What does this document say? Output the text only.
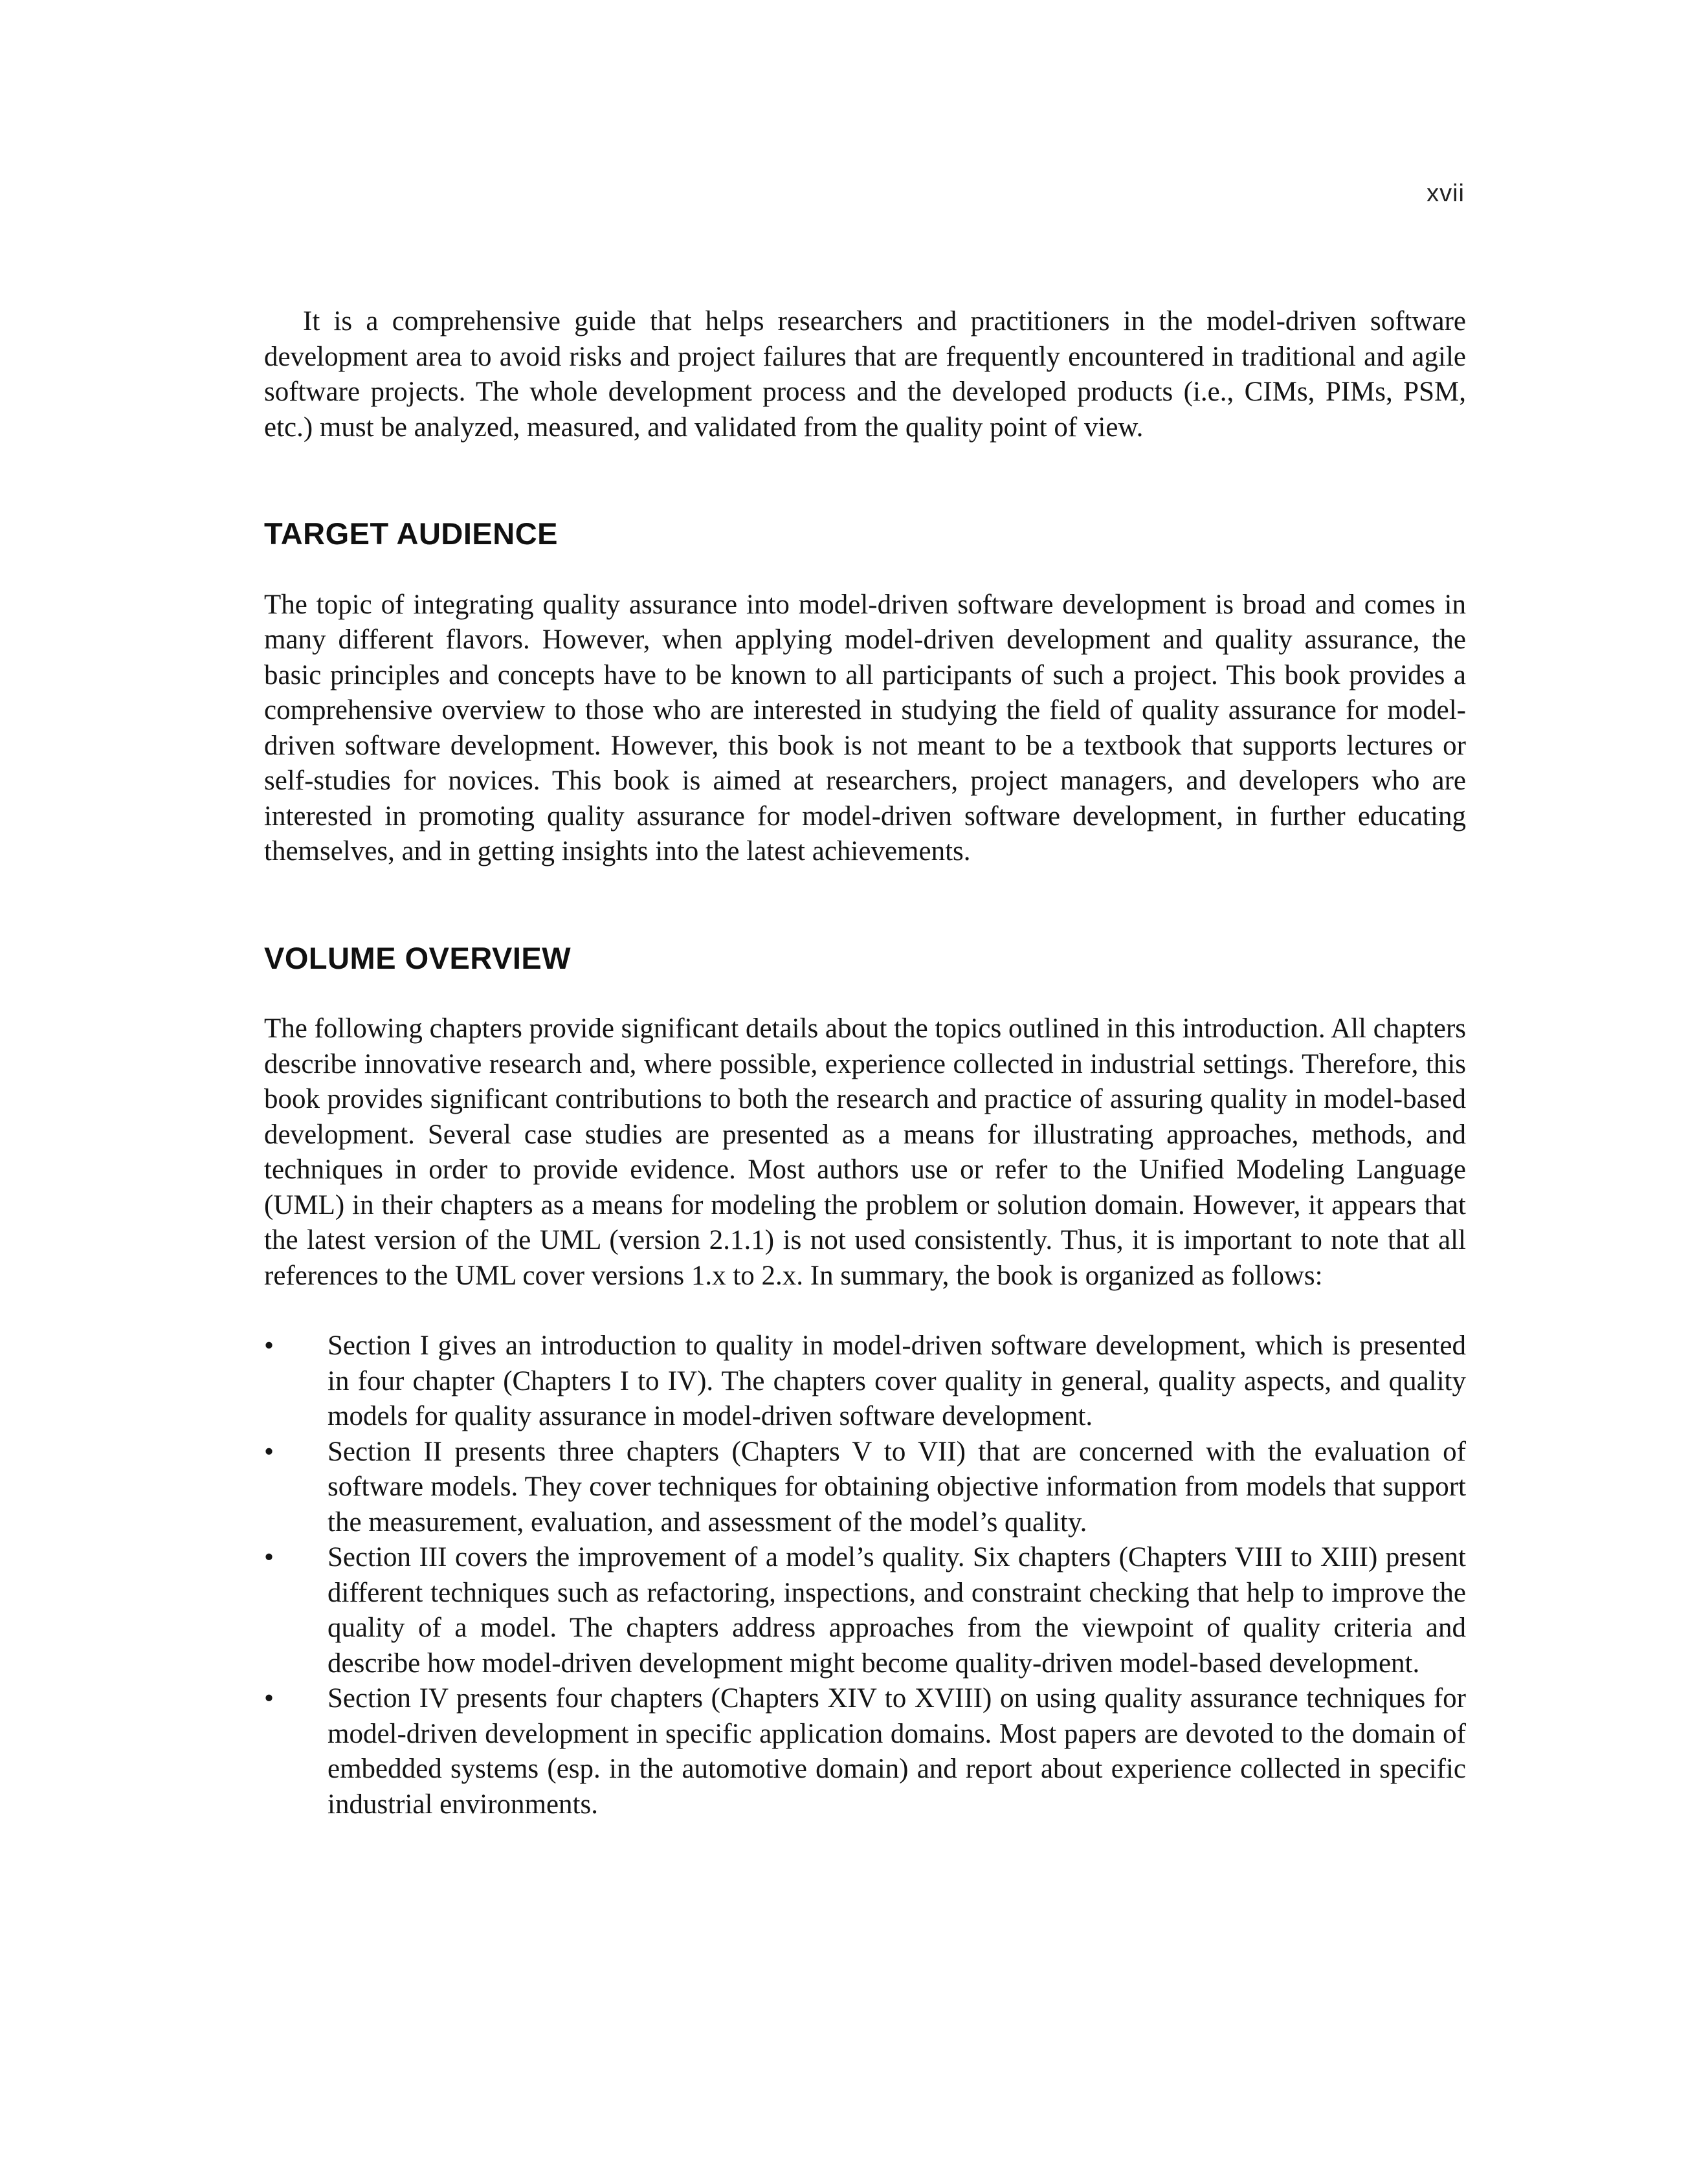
xvii

It is a comprehensive guide that helps researchers and practitioners in the model-driven software development area to avoid risks and project failures that are frequently encountered in traditional and agile software projects. The whole development process and the developed products (i.e., CIMs, PIMs, PSM, etc.) must be analyzed, measured, and validated from the quality point of view.

TARGET AUDIENCE

The topic of integrating quality assurance into model-driven software development is broad and comes in many different flavors. However, when applying model-driven development and quality assurance, the basic principles and concepts have to be known to all participants of such a project. This book provides a comprehensive overview to those who are interested in studying the field of quality assurance for model-driven software development. However, this book is not meant to be a textbook that supports lectures or self-studies for novices. This book is aimed at researchers, project managers, and developers who are interested in promoting quality assurance for model-driven software development, in further educating themselves, and in getting insights into the latest achievements.

VOLUME OVERVIEW

The following chapters provide significant details about the topics outlined in this introduction. All chapters describe innovative research and, where possible, experience collected in industrial settings. Therefore, this book provides significant contributions to both the research and practice of assuring quality in model-based development. Several case studies are presented as a means for illustrating approaches, methods, and techniques in order to provide evidence. Most authors use or refer to the Unified Modeling Language (UML) in their chapters as a means for modeling the problem or solution domain. However, it appears that the latest version of the UML (version 2.1.1) is not used consistently. Thus, it is important to note that all references to the UML cover versions 1.x to 2.x. In summary, the book is organized as follows:

• Section I gives an introduction to quality in model-driven software development, which is presented in four chapter (Chapters I to IV). The chapters cover quality in general, quality aspects, and quality models for quality assurance in model-driven software development.
• Section II presents three chapters (Chapters V to VII) that are concerned with the evaluation of software models. They cover techniques for obtaining objective information from models that support the measurement, evaluation, and assessment of the model’s quality.
• Section III covers the improvement of a model’s quality. Six chapters (Chapters VIII to XIII) present different techniques such as refactoring, inspections, and constraint checking that help to improve the quality of a model. The chapters address approaches from the viewpoint of quality criteria and describe how model-driven development might become quality-driven model-based development.
• Section IV presents four chapters (Chapters XIV to XVIII) on using quality assurance techniques for model-driven development in specific application domains. Most papers are devoted to the domain of embedded systems (esp. in the automotive domain) and report about experience collected in specific industrial environments.
